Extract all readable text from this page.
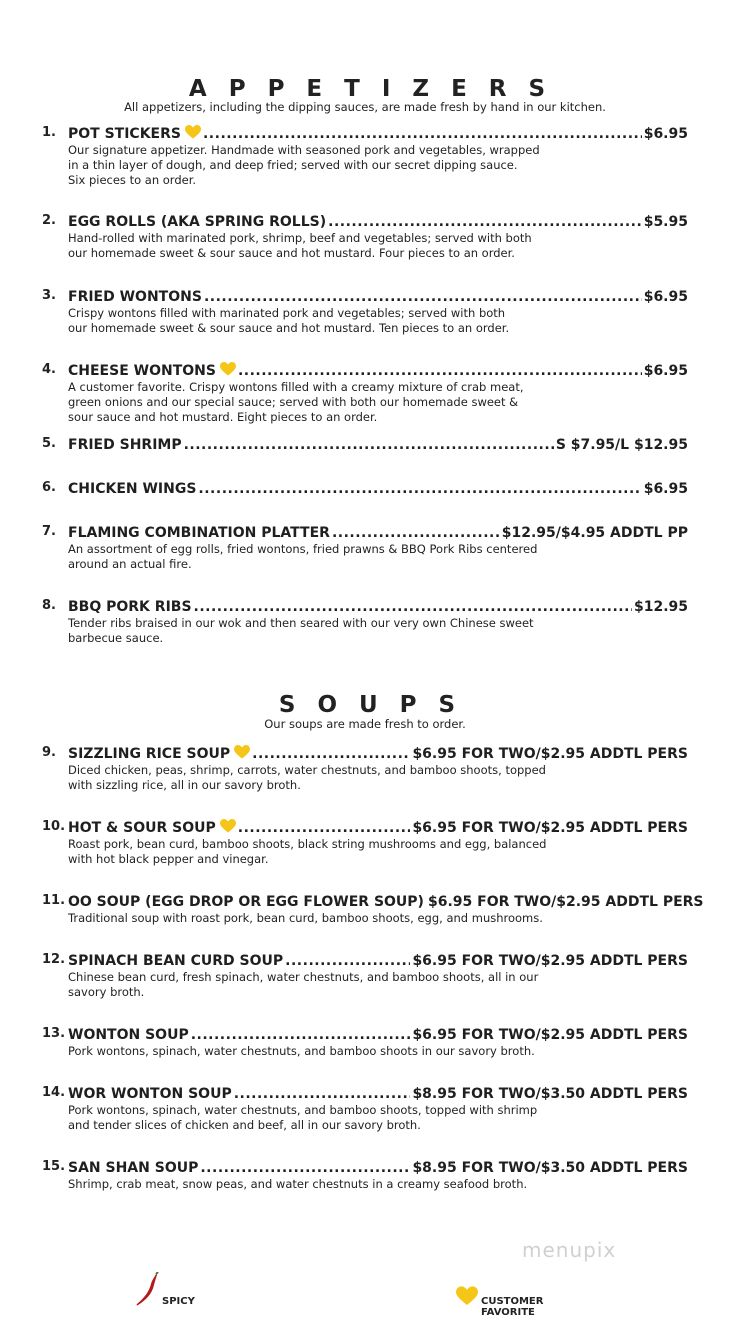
APPETIZERS
All appetizers, including the dipping sauces, are made fresh by hand in our kitchen.
1. POT STICKERS .....	$6.95
Our signature appetizer. Handmade with seasoned pork and vegetables, wrapped
in a thin layer of dough, and deep fried; served with our secret dipping sauce.
Six pieces to an order.
2. EGG ROLLS (AKA SPRING ROLLS) .....	$5.95
Hand-rolled with marinated pork, shrimp, beef and vegetables; served with both
our homemade sweet & sour sauce and hot mustard. Four pieces to an order.
3. FRIED WONTONS .....	$6.95
Crispy wontons filled with marinated pork and vegetables; served with both
our homemade sweet & sour sauce and hot mustard. Ten pieces to an order.
4. CHEESE WONTONS .....	$6.95
A customer favorite. Crispy wontons filled with a creamy mixture of crab meat,
green onions and our special sauce; served with both our homemade sweet &
sour sauce and hot mustard. Eight pieces to an order.
5. FRIED SHRIMP .....	S $7.95/L $12.95
6. CHICKEN WINGS .....	$6.95
7. FLAMING COMBINATION PLATTER .....	$12.95/$4.95 ADDTL PP
An assortment of egg rolls, fried wontons, fried prawns & BBQ Pork Ribs centered
around an actual fire.
8. BBQ PORK RIBS .....	$12.95
Tender ribs braised in our wok and then seared with our very own Chinese sweet
barbecue sauce.
SOUPS
Our soups are made fresh to order.
9. SIZZLING RICE SOUP .....	$6.95 FOR TWO/$2.95 ADDTL PERS
Diced chicken, peas, shrimp, carrots, water chestnuts, and bamboo shoots, topped
with sizzling rice, all in our savory broth.
10. HOT & SOUR SOUP .....	$6.95 FOR TWO/$2.95 ADDTL PERS
Roast pork, bean curd, bamboo shoots, black string mushrooms and egg, balanced
with hot black pepper and vinegar.
11. OO SOUP (EGG DROP OR EGG FLOWER SOUP) $6.95 FOR TWO/$2.95 ADDTL PERS
Traditional soup with roast pork, bean curd, bamboo shoots, egg, and mushrooms.
12. SPINACH BEAN CURD SOUP .....	$6.95 FOR TWO/$2.95 ADDTL PERS
Chinese bean curd, fresh spinach, water chestnuts, and bamboo shoots, all in our
savory broth.
13. WONTON SOUP .....	$6.95 FOR TWO/$2.95 ADDTL PERS
Pork wontons, spinach, water chestnuts, and bamboo shoots in our savory broth.
14. WOR WONTON SOUP .....	$8.95 FOR TWO/$3.50 ADDTL PERS
Pork wontons, spinach, water chestnuts, and bamboo shoots, topped with shrimp
and tender slices of chicken and beef, all in our savory broth.
15. SAN SHAN SOUP .....	$8.95 FOR TWO/$3.50 ADDTL PERS
Shrimp, crab meat, snow peas, and water chestnuts in a creamy seafood broth.
SPICY	CUSTOMER FAVORITE
menupix
